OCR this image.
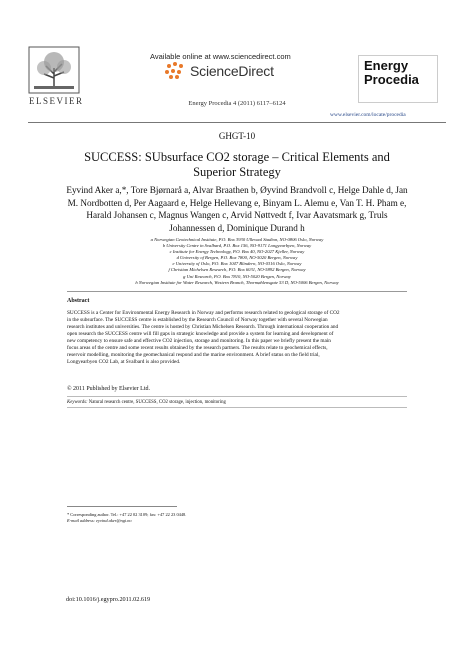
ELSEVIER
Available online at www.sciencedirect.com
ScienceDirect
Energy Procedia 4 (2011) 6117–6124
Energy
Procedia
www.elsevier.com/locate/procedia
GHGT-10
SUCCESS: SUbsurface CO2 storage – Critical Elements and
Superior Strategy
Eyvind Aker a,*, Tore Bjørnarå a, Alvar Braathen b, Øyvind Brandvoll c, Helge Dahle d, Jan
M. Nordbotten d, Per Aagaard e, Helge Hellevang e, Binyam L. Alemu e, Van T. H. Pham e,
Harald Johansen c, Magnus Wangen c, Arvid Nøttvedt f, Ivar Aavatsmark g, Truls
Johannessen d, Dominique Durand h
a Norwegian Geotechnical Institute, P.O. Box 3930 Ullevaal Stadion, NO-0806 Oslo, Norway
b University Centre in Svalbard, P.O. Box 156, NO-9171 Longyearbyen, Norway
c Institute for Energy Technology, P.O. Box 40, NO-2027 Kjeller, Norway
d University of Bergen, P.O. Box 7800, NO-5020 Bergen, Norway
e University of Oslo, P.O. Box 1047 Blindern, NO-0316 Oslo, Norway
f Christian Michelsen Research, P.O. Box 6031, NO-5892 Bergen, Norway
g Uni Research, P.O. Box 7810, NO-5020 Bergen, Norway
h Norwegian Institute for Water Research, Western Branch, Thormøhlensgate 53 D, NO-5006 Bergen, Norway
Abstract
SUCCESS is a Center for Environmental Energy Research in Norway and performs research related to geological storage of CO2
in the subsurface. The SUCCESS centre is established by the Research Council of Norway together with several Norwegian
research institutes and universities. The centre is hosted by Christian Michelsen Research. Through international cooperation and
open research the SUCCESS centre will fill gaps in strategic knowledge and provide a system for learning and development of
new competency to ensure safe and effective CO2 injection, storage and monitoring. In this paper we briefly present the main
focus areas of the centre and some recent results obtained by the research partners. The results relate to geochemical effects,
reservoir modelling, monitoring the geomechanical respond and the marine environment. A brief status on the field trial,
Longyearbyen CO2 Lab, at Svalbard is also provided.
© 2011 Published by Elsevier Ltd.
Keywords: Natural research centre, SUCCESS, CO2 storage, injection, monitoring
* Corresponding author. Tel.: +47 22 02 3109; fax: +47 22 23 0448.
E-mail address: eyvind.aker@ngi.no
doi:10.1016/j.egypro.2011.02.619
